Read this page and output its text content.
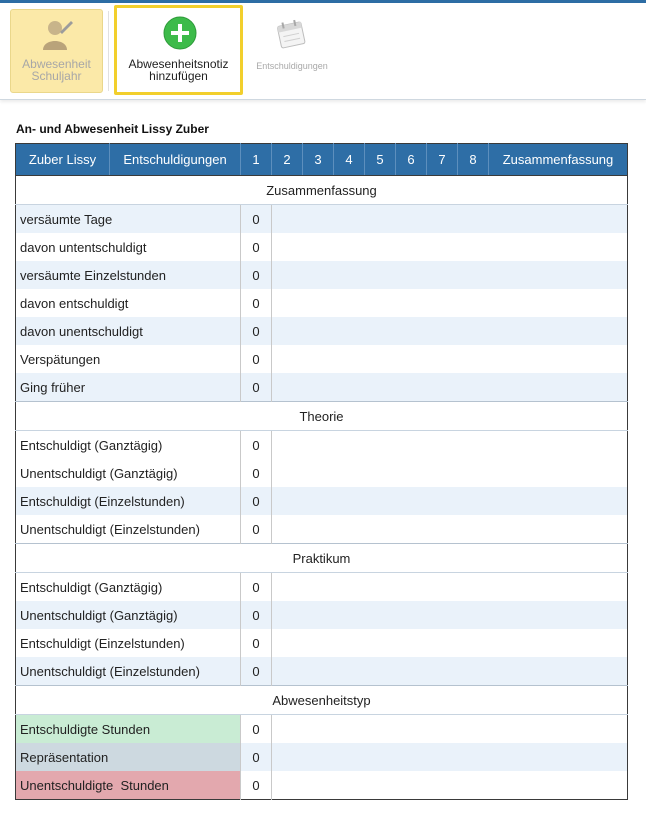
Abwesenheit
Schuljahr
Abwesenheitsnotiz
hinzufügen
Entschuldigungen
An- und Abwesenheit Lissy Zuber
Zuber Lissy	Entschuldigungen	1	2	3	4	5	6	7	8	Zusammenfassung
Zusammenfassung										
versäumte Tage		0								
davon untentschuldigt		0								
versäumte Einzelstunden		0								
davon entschuldigt		0								
davon unentschuldigt		0								
Verspätungen		0								
Ging früher		0								
Theorie										
Entschuldigt (Ganztägig)		0								
Unentschuldigt (Ganztägig)		0								
Entschuldigt (Einzelstunden)		0								
Unentschuldigt (Einzelstunden)		0								
Praktikum										
Entschuldigt (Ganztägig)		0								
Unentschuldigt (Ganztägig)		0								
Entschuldigt (Einzelstunden)		0								
Unentschuldigt (Einzelstunden)		0								
Abwesenheitstyp										
Entschuldigte Stunden		0								
Repräsentation		0								
Unentschuldigte  Stunden		0								
